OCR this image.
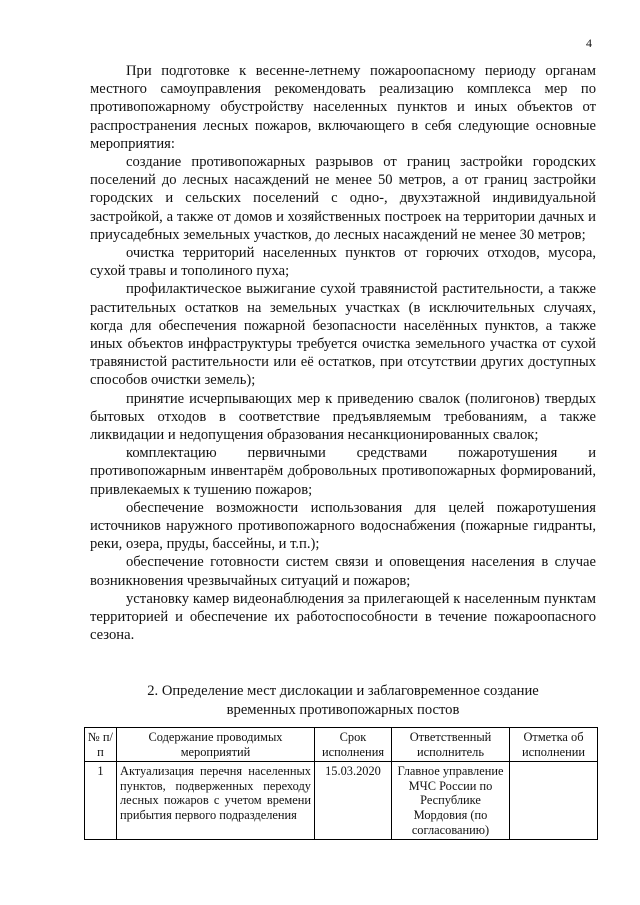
4

При подготовке к весенне-летнему пожароопасному периоду органам местного самоуправления рекомендовать реализацию комплекса мер по противопожарному обустройству населенных пунктов и иных объектов от распространения лесных пожаров, включающего в себя следующие основные мероприятия:

создание противопожарных разрывов от границ застройки городских поселений до лесных насаждений не менее 50 метров, а от границ застройки городских и сельских поселений с одно-, двухэтажной индивидуальной застройкой, а также от домов и хозяйственных построек на территории дачных и приусадебных земельных участков, до лесных насаждений не менее 30 метров;

очистка территорий населенных пунктов от горючих отходов, мусора, сухой травы и тополиного пуха;

профилактическое выжигание сухой травянистой растительности, а также растительных остатков на земельных участках (в исключительных случаях, когда для обеспечения пожарной безопасности населённых пунктов, а также иных объектов инфраструктуры требуется очистка земельного участка от сухой травянистой растительности или её остатков, при отсутствии других доступных способов очистки земель);

принятие исчерпывающих мер к приведению свалок (полигонов) твердых бытовых отходов в соответствие предъявляемым требованиям, а также ликвидации и недопущения образования несанкционированных свалок;

комплектацию первичными средствами пожаротушения и противопожарным инвентарём добровольных противопожарных формирований, привлекаемых к тушению пожаров;

обеспечение возможности использования для целей пожаротушения источников наружного противопожарного водоснабжения (пожарные гидранты, реки, озера, пруды, бассейны, и т.п.);

обеспечение готовности систем связи и оповещения населения в случае возникновения чрезвычайных ситуаций и пожаров;

установку камер видеонаблюдения за прилегающей к населенным пунктам территорией и обеспечение их работоспособности в течение пожароопасного сезона.

2. Определение мест дислокации и заблаговременное создание

временных противопожарных постов

№ п/п	Содержание проводимых мероприятий	Срок исполнения	Ответственный исполнитель	Отметка об исполнении
1	Актуализация перечня населенных пунктов, подверженных переходу лесных пожаров с учетом времени прибытия первого подразделения	15.03.2020	Главное управление МЧС России по Республике Мордовия (по согласованию)	
